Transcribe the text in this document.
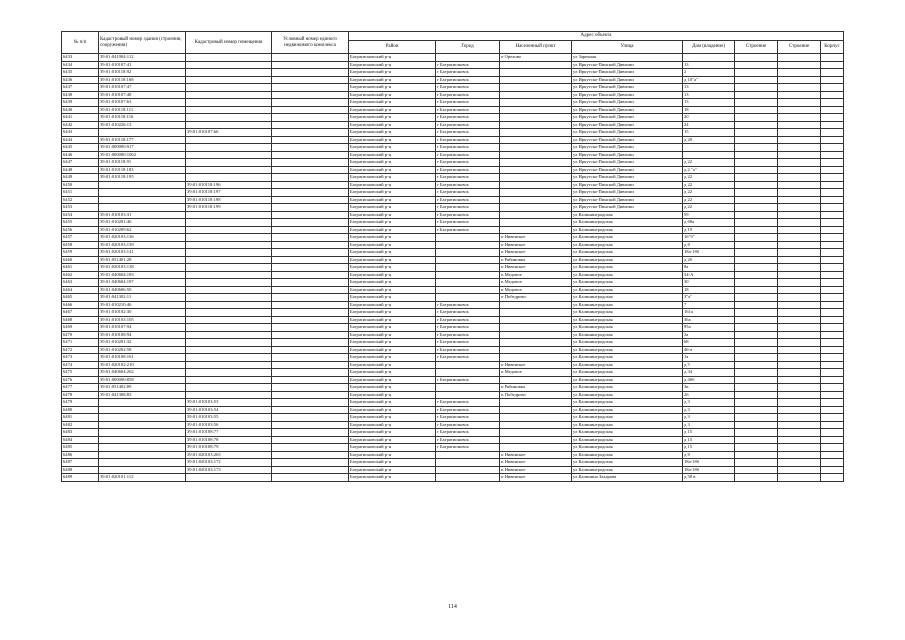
№ п/п	Кадастровый номер здания (строения, сооружения)	Кадастровый номер помещения	Условный номер единого недвижимого комплекса	Адрес объекта							
				Район	Город	Населенный пункт	Улица	Дом (владение)	Строение	Строение	Корпус
6433	39:01:041904:112			Багратионовский р-н		п Орехово	ул Заречная				
6434	39:01:010107:41			Багратионовский р-н	г Багратионовск		ул Иркутско-Пинской Дивизии	13			
6435	39:01:010118:92			Багратионовский р-н	г Багратионовск		ул Иркутско-Пинской Дивизии	2			
6436	39:01:010118:168			Багратионовский р-н	г Багратионовск		ул Иркутско-Пинской Дивизии	д 10"а"			
6437	39:01:010107:47			Багратионовский р-н	г Багратионовск		ул Иркутско-Пинской Дивизии	13			
6438	39:01:010107:48			Багратионовский р-н	г Багратионовск		ул Иркутско-Пинской Дивизии	13			
6439	39:01:010107:63			Багратионовский р-н	г Багратионовск		ул Иркутско-Пинской Дивизии	13			
6440	39:01:010118:111			Багратионовский р-н	г Багратионовск		ул Иркутско-Пинской Дивизии	18			
6441	39:01:010118:116			Багратионовский р-н	г Багратионовск		ул Иркутско-Пинской Дивизии	20			
6442	39:01:010226:13			Багратионовский р-н	г Багратионовск		ул Иркутско-Пинской Дивизии	24			
6443		39:01:010107:66		Багратионовский р-н	г Багратионовск		ул Иркутско-Пинской Дивизии	15			
6444	39:01:010118:177			Багратионовский р-н	г Багратионовск		ул Иркутско-Пинской Дивизии	д 20			
6445	39:01:000000:917			Багратионовский р-н	г Багратионовск		ул Иркутско-Пинской Дивизии				
6446	39:01:000000:1062			Багратионовский р-н	г Багратионовск		ул Иркутско-Пинской Дивизии				
6447	39:01:010118:91			Багратионовский р-н	г Багратионовск		ул Иркутско-Пинской Дивизии	д 22			
6448	39:01:010118:183			Багратионовский р-н	г Багратионовск		ул Иркутско-Пинской Дивизии	д 2 "а"			
6449	39:01:010118:195			Багратионовский р-н	г Багратионовск		ул Иркутско-Пинской Дивизии	д 22			
6450		39:01:010118:196		Багратионовский р-н	г Багратионовск		ул Иркутско-Пинской Дивизии	д 22			
6451		39:01:010118:197		Багратионовский р-н	г Багратионовск		ул Иркутско-Пинской Дивизии	д 22			
6452		39:01:010118:198		Багратионовский р-н	г Багратионовск		ул Иркутско-Пинской Дивизии	д 22			
6453		39:01:010118:199		Багратионовский р-н	г Багратионовск		ул Иркутско-Пинской Дивизии	д 22			
6454	39:01:010103:31			Багратионовский р-н	г Багратионовск		ул Калининградская	59			
6455	39:01:010201:46			Багратионовский р-н	г Багратионовск		ул Калининградская	д 68а			
6456	39:01:010209:62			Багратионовский р-н	г Багратионовск		ул Калининградская	д 19			
6457	39:01:020103:136			Багратионовский р-н		п Нивенское	ул Калининградская	16"б"			
6458	39:01:020103:139			Багратионовский р-н		п Нивенское	ул Калининградская	д 8			
6459	39:01:020103:141			Багратионовский р-н		п Нивенское	ул Калининградская	18а-18б			
6460	39:01:051401:28			Багратионовский р-н		п Рябиновка	ул Калининградская	д 2б			
6461	39:01:020103:138			Багратионовский р-н		п Нивенское	ул Калининградская	8а			
6462	39:01:040604:183			Багратионовский р-н		п Медовое	ул Калининградская	34-А			
6463	39:01:040604:187			Багратионовский р-н		п Медовое	ул Калининградская	30			
6464	39:01:040606:50			Багратионовский р-н		п Медовое	ул Калининградская	18			
6465	39:01:041302:11			Багратионовский р-н		п Победрово	ул Калининградская	3"а"			
6466	39:01:010210:46			Багратионовский р-н	г Багратионовск		ул Калининградская	7			
6467	39:01:010102:30			Багратионовский р-н	г Багратионовск		ул Калининградская	161а			
6468	39:01:010103:105			Багратионовский р-н	г Багратионовск		ул Калининградская	36а			
6469	39:01:010107:94			Багратионовский р-н	г Багратионовск		ул Калининградская	95а			
6470	39:01:010108:94			Багратионовский р-н	г Багратионовск		ул Калининградская	3а			
6471	39:01:010201:32			Багратионовский р-н	г Багратионовск		ул Калининградская	68			
6472	39:01:010202:58			Багратионовский р-н	г Багратионовск		ул Калининградская	46-а			
6473	39:01:010108:161			Багратионовский р-н	г Багратионовск		ул Калининградская	1а			
6474	39:01:020102:210			Багратионовский р-н		п Нивенское	ул Калининградская	д 5			
6475	39:01:040604:262			Багратионовский р-н		п Медовое	ул Калининградская	д 34			
6476	39:01:000000:858			Багратионовский р-н	г Багратионовск		ул Калининградская	д 40б			
6477	39:01:051402:89			Багратионовский р-н		п Рябиновка	ул Калининградская	3в			
6478	39:01:041308:83			Багратионовский р-н		п Победрово	ул Калининградская	26			
6479		39:01:010103:53		Багратионовский р-н	г Багратионовск		ул Калининградская	д 3			
6480		39:01:010103:54		Багратионовский р-н	г Багратионовск		ул Калининградская	д 3			
6481		39:01:010103:55		Багратионовский р-н	г Багратионовск		ул Калининградская	д 3			
6482		39:01:010103:56		Багратионовский р-н	г Багратионовск		ул Калининградская	д 3			
6483		39:01:010108:77		Багратионовский р-н	г Багратионовск		ул Калининградская	д 15			
6484		39:01:010108:78		Багратионовский р-н	г Багратионовск		ул Калининградская	д 15			
6485		39:01:010108:79		Багратионовский р-н	г Багратионовск		ул Калининградская	д 15			
6486		39:01:020103:265		Багратионовский р-н		п Нивенское	ул Калининградская	д 8			
6487		39:01:020103:172		Багратионовский р-н		п Нивенское	ул Калининградская	18а-18б			
6488		39:01:020103:173		Багратионовский р-н		п Нивенское	ул Калининградская	18а-18б			
6489	39:01:020101:112			Багратионовский р-н		п Нивенское	ул Калинина Захарова	д 58 в			
114
